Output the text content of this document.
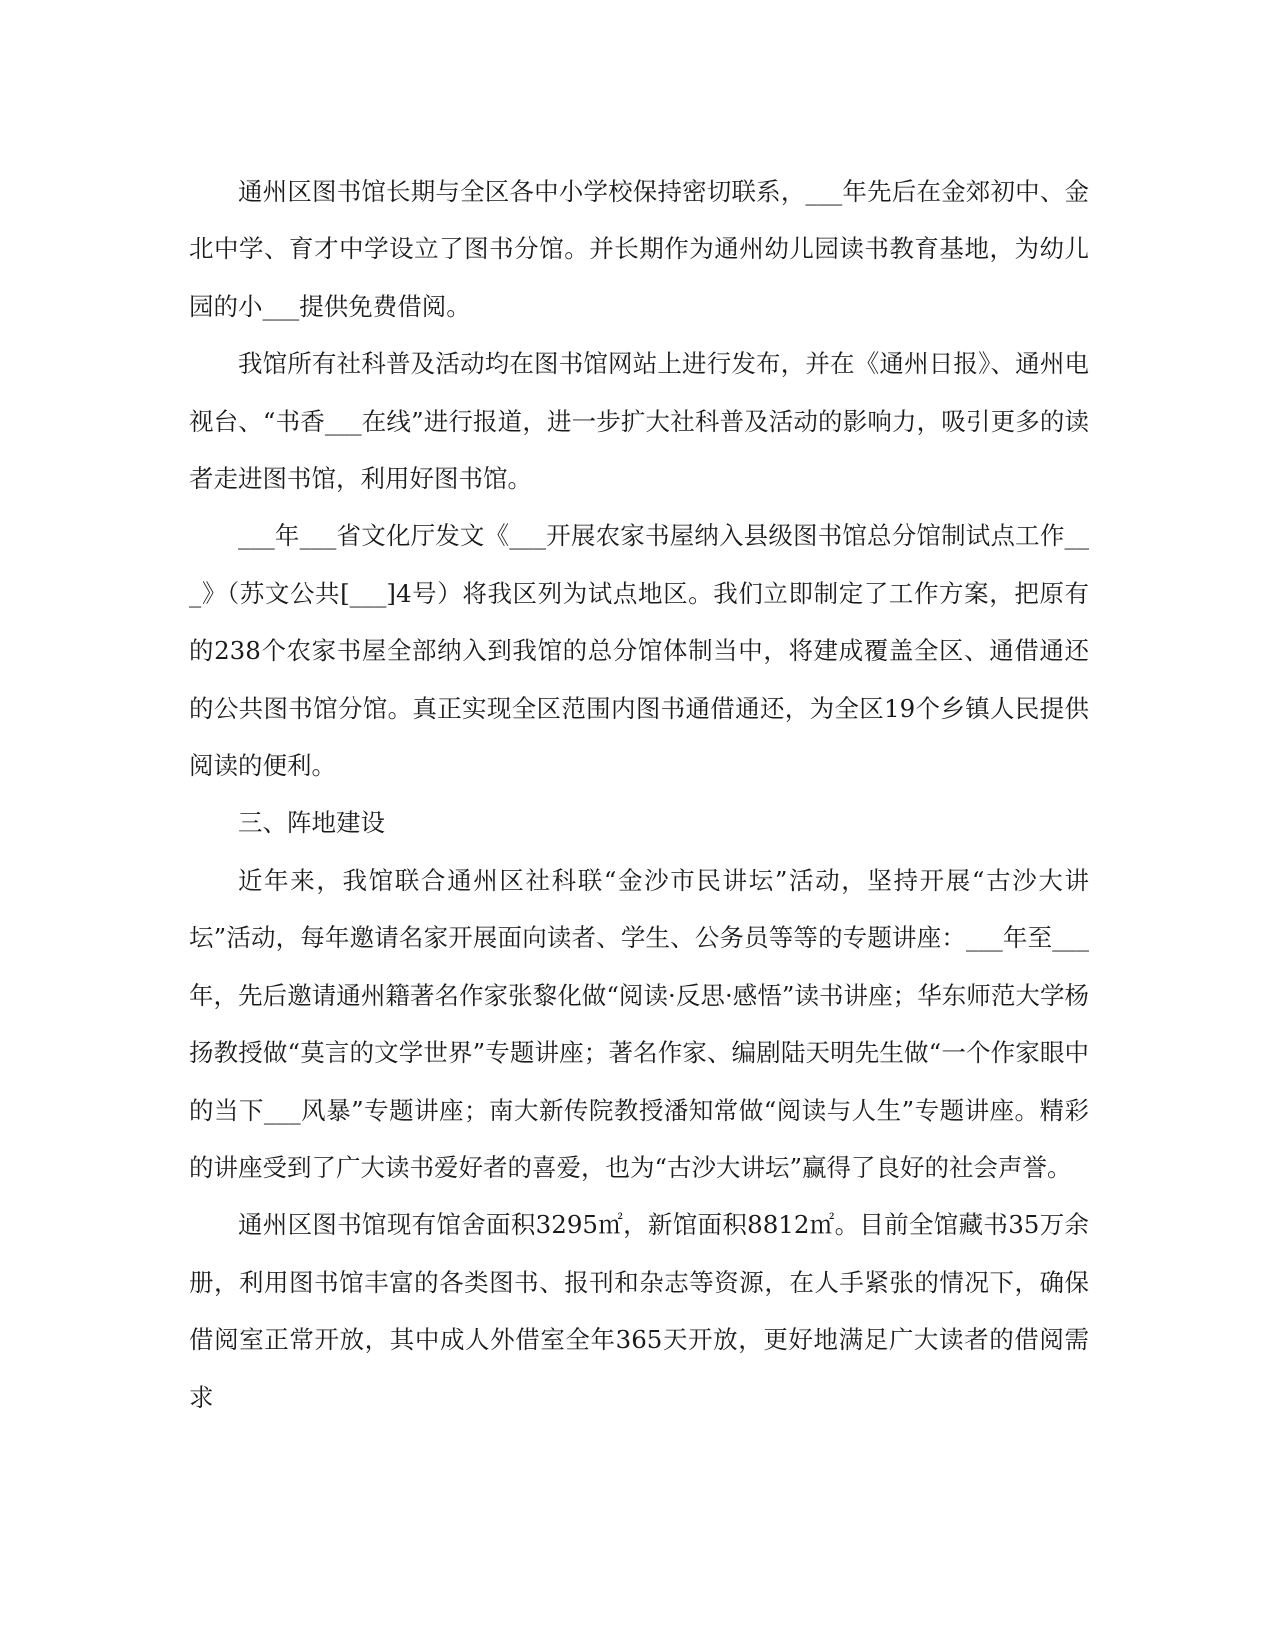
通州区图书馆长期与全区各中小学校保持密切联系，___年先后在金郊初中、金北中学、育才中学设立了图书分馆。并长期作为通州幼儿园读书教育基地，为幼儿园的小___提供免费借阅。

我馆所有社科普及活动均在图书馆网站上进行发布，并在《通州日报》、通州电视台、“书香___在线”进行报道，进一步扩大社科普及活动的影响力，吸引更多的读者走进图书馆，利用好图书馆。

___年___省文化厅发文《___开展农家书屋纳入县级图书馆总分馆制试点工作___》（苏文公共[___]4号）将我区列为试点地区。我们立即制定了工作方案，把原有的238个农家书屋全部纳入到我馆的总分馆体制当中，将建成覆盖全区、通借通还的公共图书馆分馆。真正实现全区范围内图书通借通还，为全区19个乡镇人民提供阅读的便利。

三、阵地建设

近年来，我馆联合通州区社科联“金沙市民讲坛”活动，坚持开展“古沙大讲坛”活动，每年邀请名家开展面向读者、学生、公务员等等的专题讲座：___年至___年，先后邀请通州籍著名作家张黎化做“阅读·反思·感悟”读书讲座；华东师范大学杨扬教授做“莫言的文学世界”专题讲座；著名作家、编剧陆天明先生做“一个作家眼中的当下___风暴”专题讲座；南大新传院教授潘知常做“阅读与人生”专题讲座。精彩的讲座受到了广大读书爱好者的喜爱，也为“古沙大讲坛”赢得了良好的社会声誉。

通州区图书馆现有馆舍面积3295㎡，新馆面积8812㎡。目前全馆藏书35万余册，利用图书馆丰富的各类图书、报刊和杂志等资源，在人手紧张的情况下，确保借阅室正常开放，其中成人外借室全年365天开放，更好地满足广大读者的借阅需求
